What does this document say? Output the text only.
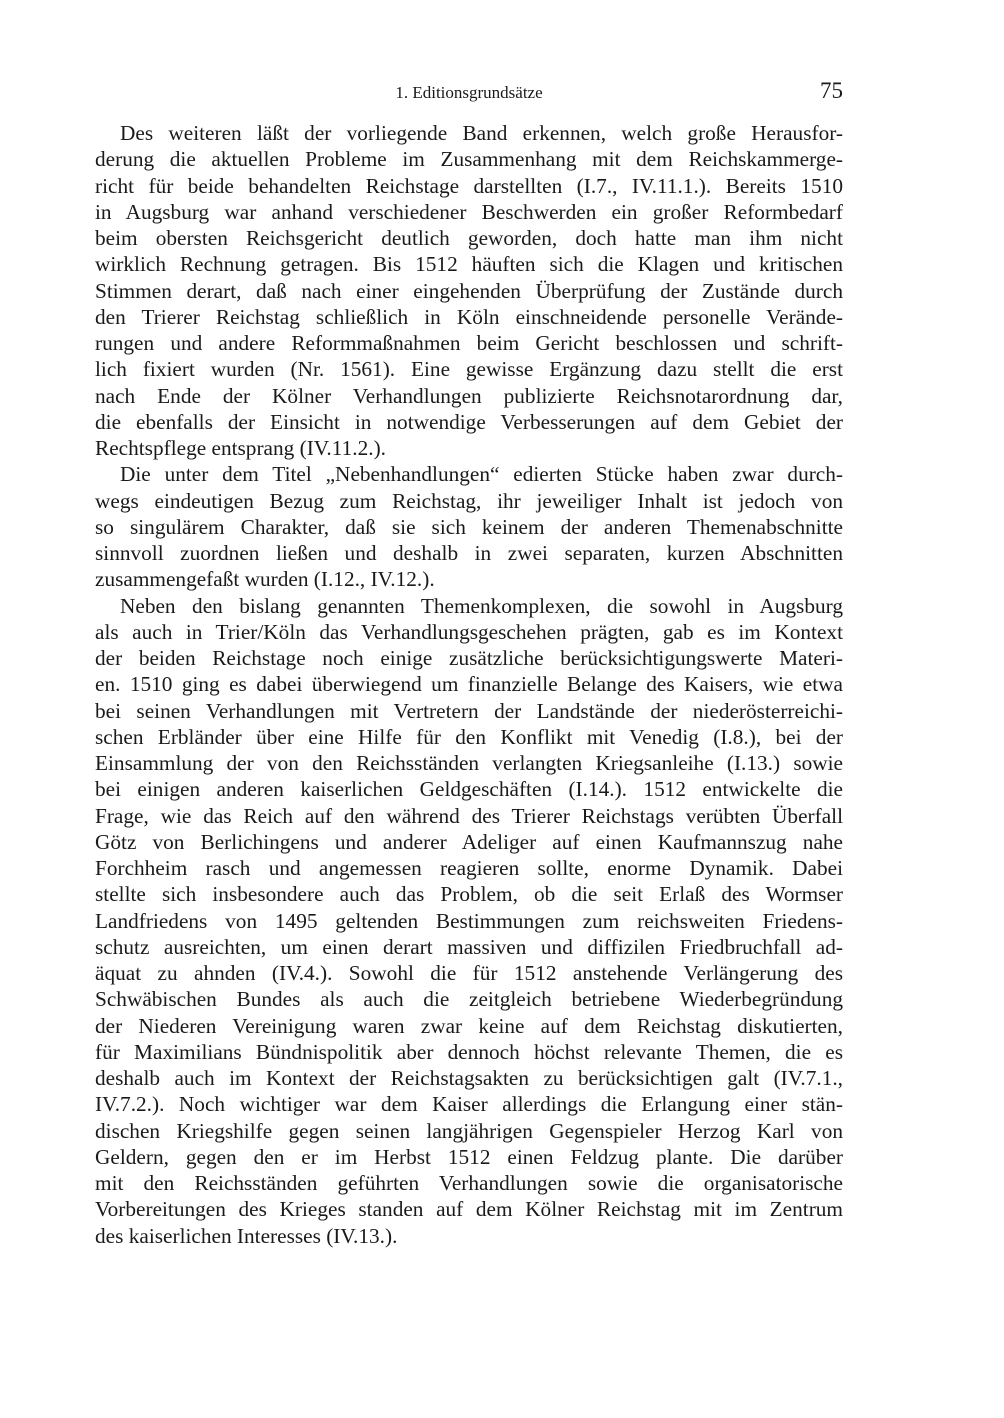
1. Editionsgrundsätze	75
Des weiteren läßt der vorliegende Band erkennen, welch große Herausfor-
derung die aktuellen Probleme im Zusammenhang mit dem Reichskammerge-
richt für beide behandelten Reichstage darstellten (I.7., IV.11.1.). Bereits 1510
in Augsburg war anhand verschiedener Beschwerden ein großer Reformbedarf
beim obersten Reichsgericht deutlich geworden, doch hatte man ihm nicht
wirklich Rechnung getragen. Bis 1512 häuften sich die Klagen und kritischen
Stimmen derart, daß nach einer eingehenden Überprüfung der Zustände durch
den Trierer Reichstag schließlich in Köln einschneidende personelle Verände-
rungen und andere Reformmaßnahmen beim Gericht beschlossen und schrift-
lich fixiert wurden (Nr. 1561). Eine gewisse Ergänzung dazu stellt die erst
nach Ende der Kölner Verhandlungen publizierte Reichsnotarordnung dar,
die ebenfalls der Einsicht in notwendige Verbesserungen auf dem Gebiet der
Rechtspflege entsprang (IV.11.2.).
Die unter dem Titel „Nebenhandlungen“ edierten Stücke haben zwar durch-
wegs eindeutigen Bezug zum Reichstag, ihr jeweiliger Inhalt ist jedoch von
so singulärem Charakter, daß sie sich keinem der anderen Themenabschnitte
sinnvoll zuordnen ließen und deshalb in zwei separaten, kurzen Abschnitten
zusammengefaßt wurden (I.12., IV.12.).
Neben den bislang genannten Themenkomplexen, die sowohl in Augsburg
als auch in Trier/Köln das Verhandlungsgeschehen prägten, gab es im Kontext
der beiden Reichstage noch einige zusätzliche berücksichtigungswerte Materi-
en. 1510 ging es dabei überwiegend um finanzielle Belange des Kaisers, wie etwa
bei seinen Verhandlungen mit Vertretern der Landstände der niederösterreichi-
schen Erbländer über eine Hilfe für den Konflikt mit Venedig (I.8.), bei der
Einsammlung der von den Reichsständen verlangten Kriegsanleihe (I.13.) sowie
bei einigen anderen kaiserlichen Geldgeschäften (I.14.). 1512 entwickelte die
Frage, wie das Reich auf den während des Trierer Reichstags verübten Überfall
Götz von Berlichingens und anderer Adeliger auf einen Kaufmannszug nahe
Forchheim rasch und angemessen reagieren sollte, enorme Dynamik. Dabei
stellte sich insbesondere auch das Problem, ob die seit Erlaß des Wormser
Landfriedens von 1495 geltenden Bestimmungen zum reichsweiten Friedens-
schutz ausreichten, um einen derart massiven und diffizilen Friedbruchfall ad-
äquat zu ahnden (IV.4.). Sowohl die für 1512 anstehende Verlängerung des
Schwäbischen Bundes als auch die zeitgleich betriebene Wiederbegründung
der Niederen Vereinigung waren zwar keine auf dem Reichstag diskutierten,
für Maximilians Bündnispolitik aber dennoch höchst relevante Themen, die es
deshalb auch im Kontext der Reichstagsakten zu berücksichtigen galt (IV.7.1.,
IV.7.2.). Noch wichtiger war dem Kaiser allerdings die Erlangung einer stän-
dischen Kriegshilfe gegen seinen langjährigen Gegenspieler Herzog Karl von
Geldern, gegen den er im Herbst 1512 einen Feldzug plante. Die darüber
mit den Reichsständen geführten Verhandlungen sowie die organisatorische
Vorbereitungen des Krieges standen auf dem Kölner Reichstag mit im Zentrum
des kaiserlichen Interesses (IV.13.).
